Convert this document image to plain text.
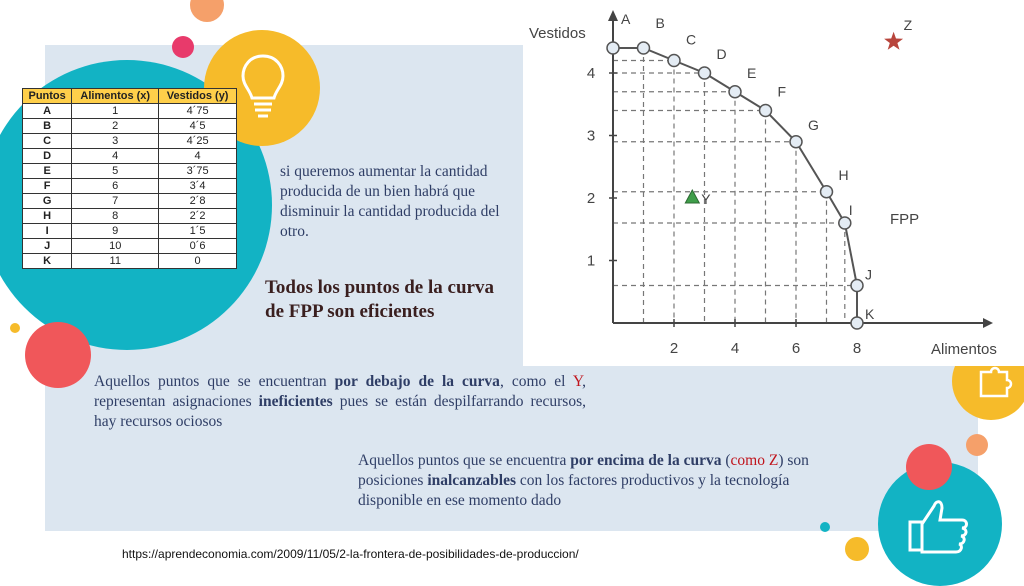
Puntos	Alimentos (x)	Vestidos (y)
A	1	4´75
B	2	4´5
C	3	4´25
D	4	4
E	5	3´75
F	6	3´4
G	7	2´8
H	8	2´2
I	9	1´5
J	10	0´6
K	11	0
si queremos aumentar la cantidad producida de un bien habrá que disminuir la cantidad producida del otro.
Todos los puntos de la curva de FPP son eficientes
Aquellos puntos que se encuentran por debajo de la curva, como el Y, representan asignaciones ineficientes pues se están despilfarrando recursos, hay recursos ociosos
Aquellos puntos que se encuentra por encima de la curva (como Z) son posiciones inalcanzables con los factores productivos y la tecnología disponible en ese momento dado
2	4	6	8
1
2
3
4
Vestidos
Alimentos
A B
C
D
E
F
G
H
I
J
K
FPP
Y
Z
https://aprendeconomia.com/2009/11/05/2-la-frontera-de-posibilidades-de-produccion/
